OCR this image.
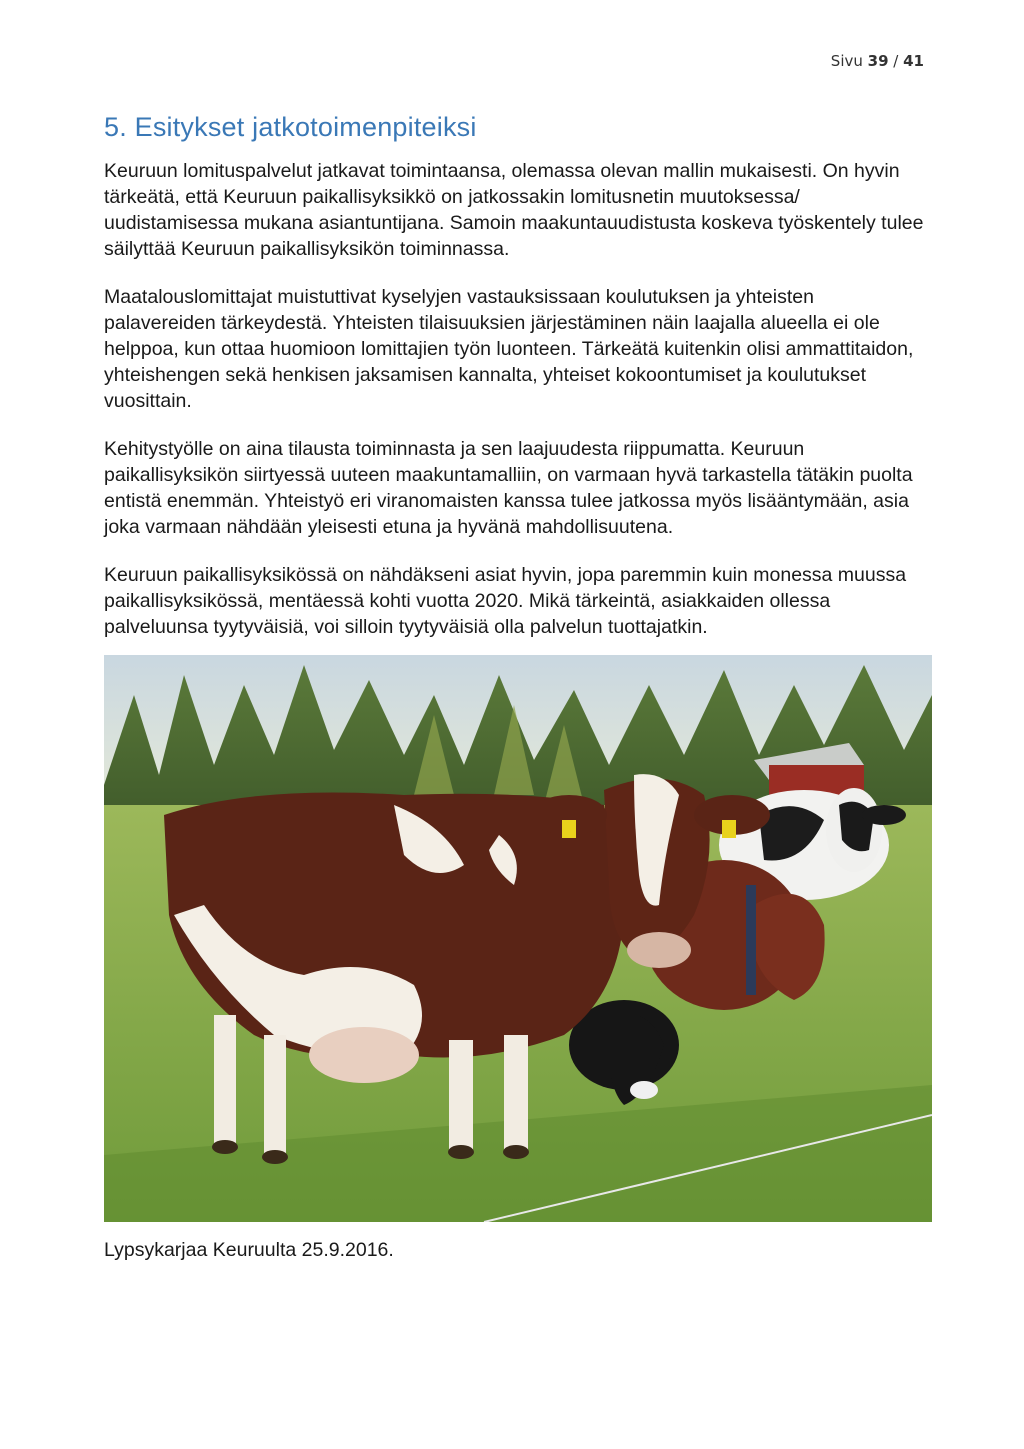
Sivu 39 / 41
5. Esitykset jatkotoimenpiteiksi

Keuruun lomituspalvelut jatkavat toimintaansa, olemassa olevan mallin mukaisesti. On hyvin tärkeätä, että Keuruun paikallisyksikkö on jatkossakin lomitusnetin muutoksessa/ uudistamisessa mukana asiantuntijana. Samoin maakuntauudistusta koskeva työskentely tulee säilyttää Keuruun paikallisyksikön toiminnassa.

Maatalouslomittajat muistuttivat kyselyjen vastauksissaan koulutuksen ja yhteisten palavereiden tärkeydestä. Yhteisten tilaisuuksien järjestäminen näin laajalla alueella ei ole helppoa, kun ottaa huomioon lomittajien työn luonteen. Tärkeätä kuitenkin olisi ammattitaidon, yhteishengen sekä henkisen jaksamisen kannalta, yhteiset kokoontumiset ja koulutukset vuosittain.

Kehitystyölle on aina tilausta toiminnasta ja sen laajuudesta riippumatta. Keuruun paikallisyksikön siirtyessä uuteen maakuntamalliin, on varmaan hyvä tarkastella tätäkin puolta entistä enemmän. Yhteistyö eri viranomaisten kanssa tulee jatkossa myös lisääntymään, asia joka varmaan nähdään yleisesti etuna ja hyvänä mahdollisuutena.

Keuruun paikallisyksikössä on nähdäkseni asiat hyvin, jopa paremmin kuin monessa muussa paikallisyksikössä, mentäessä kohti vuotta 2020. Mikä tärkeintä, asiakkaiden ollessa palveluunsa tyytyväisiä, voi silloin tyytyväisiä olla palvelun tuottajatkin.

Lypsykarjaa Keuruulta 25.9.2016.
